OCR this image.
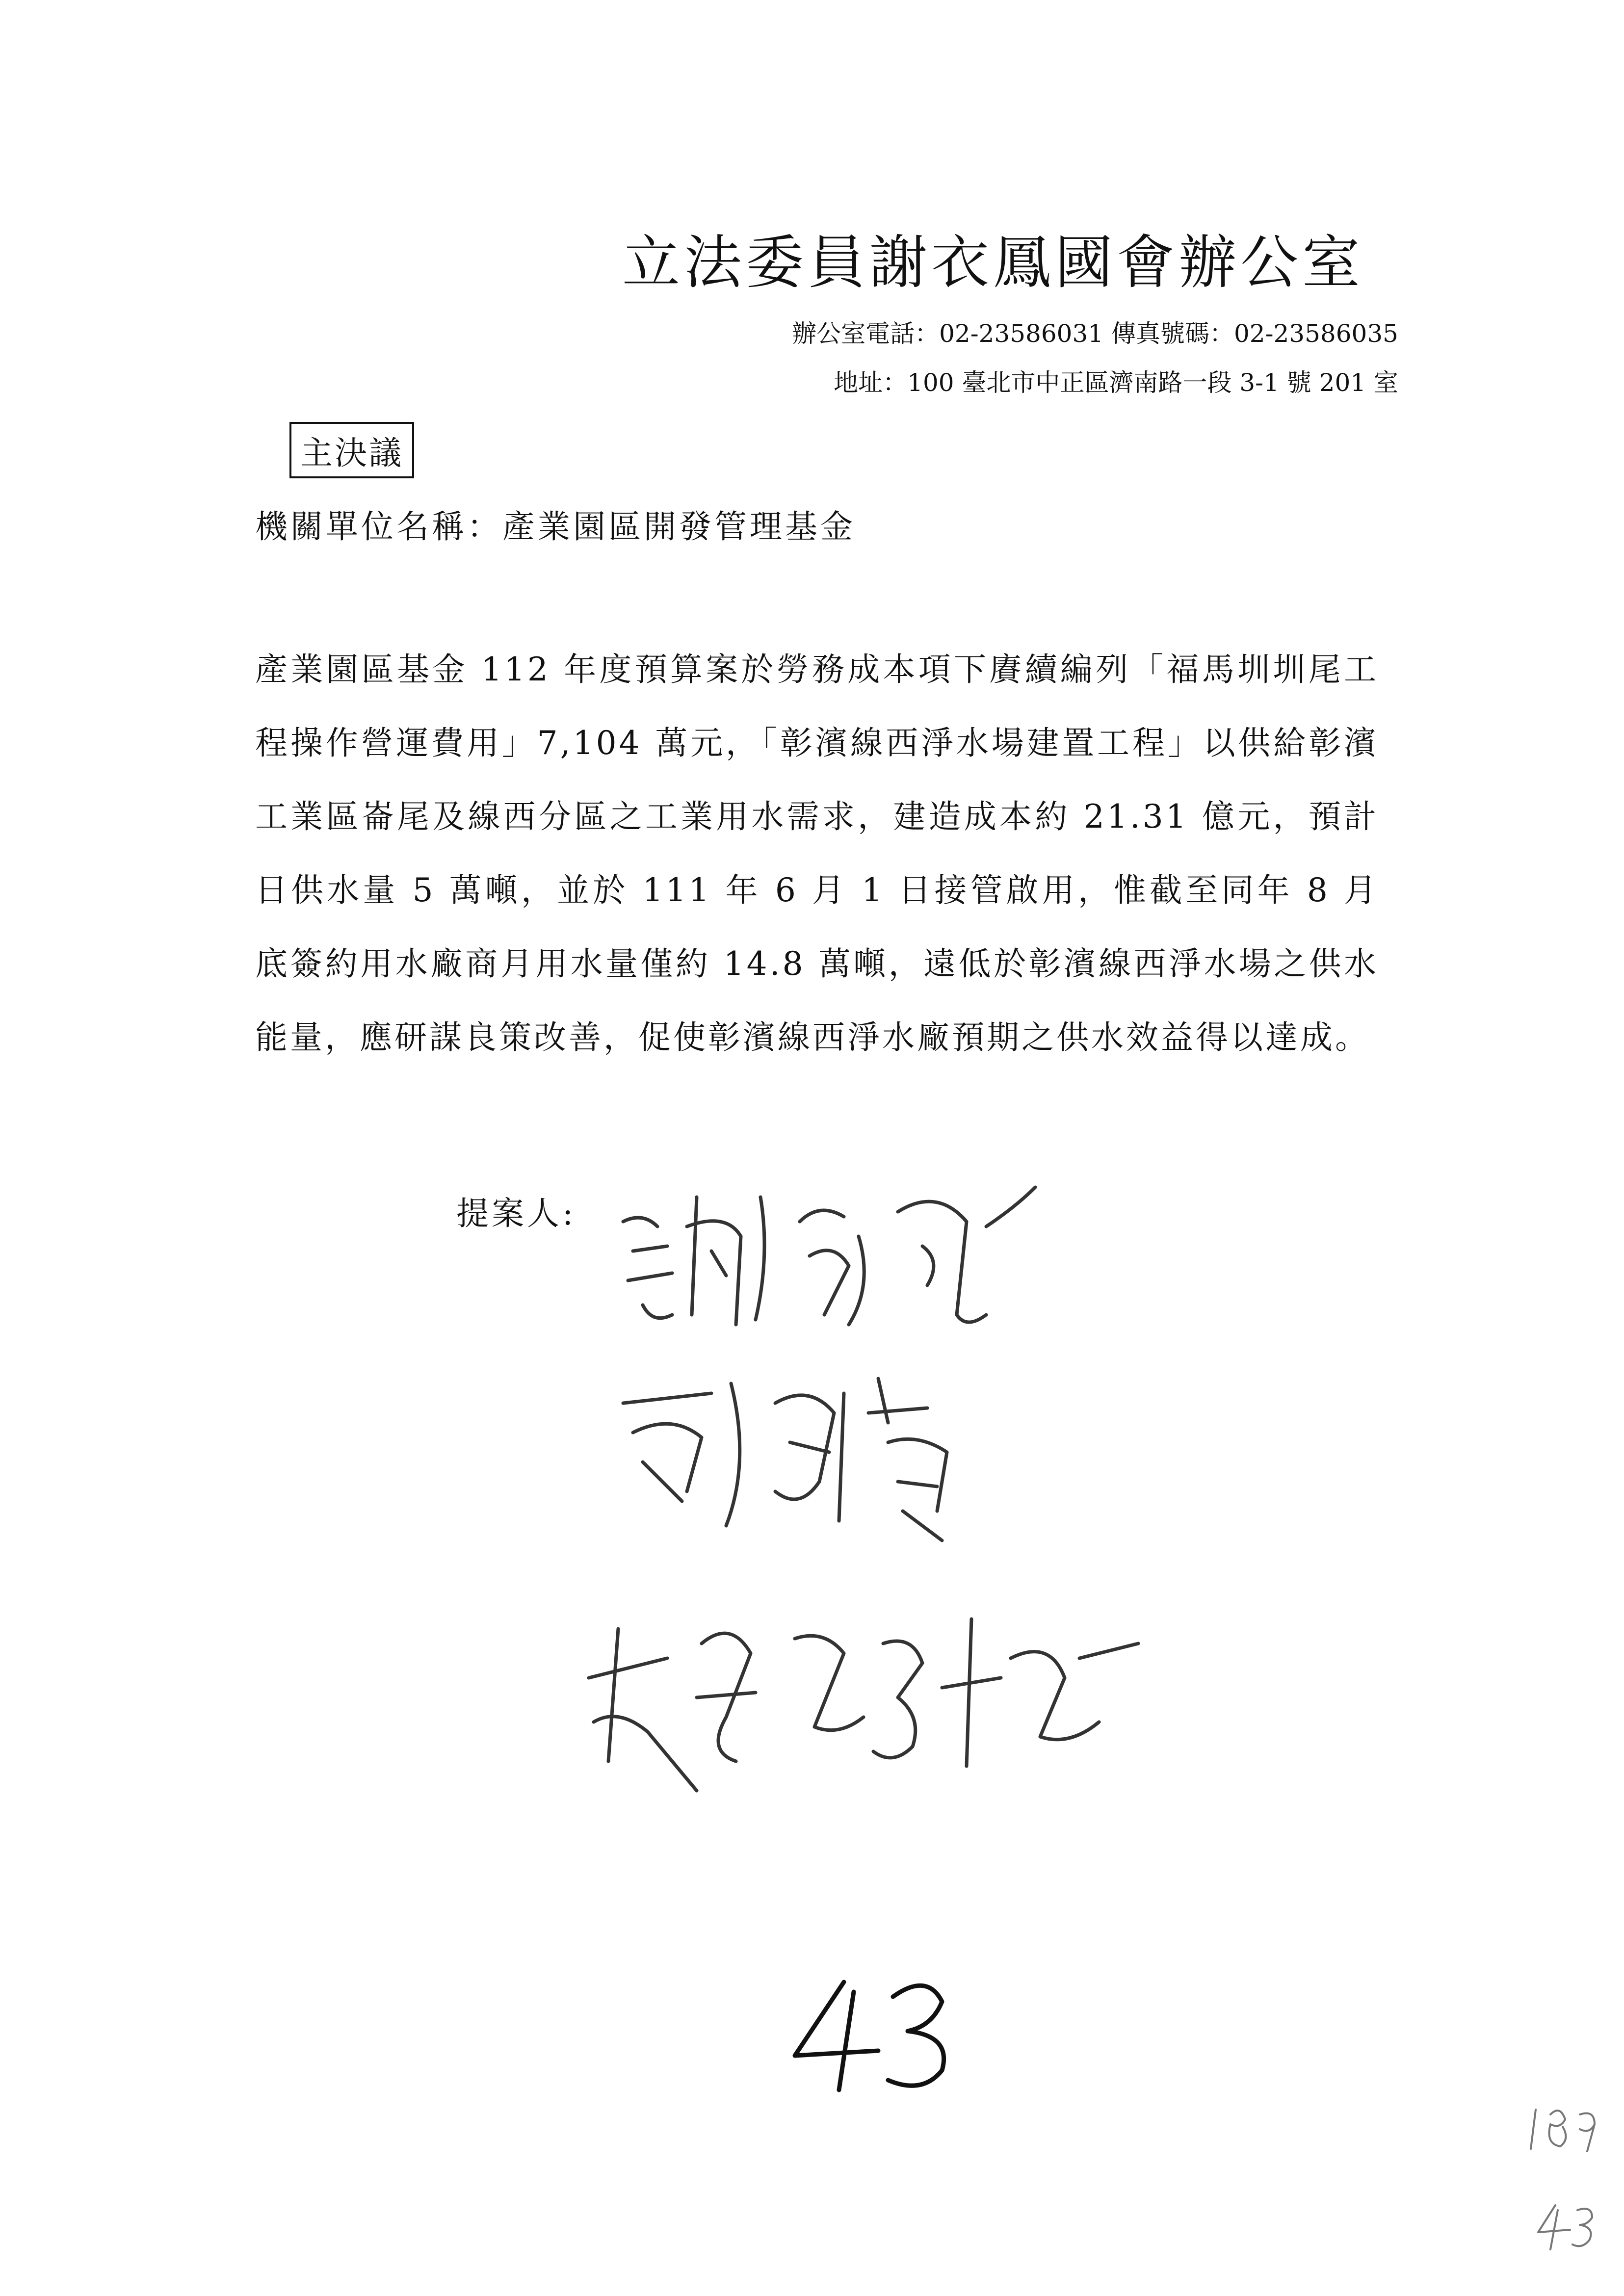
立法委員謝衣鳳國會辦公室
辦公室電話：02-23586031 傳真號碼：02-23586035
地址：100 臺北市中正區濟南路一段 3-1 號 201 室
主決議
機關單位名稱：產業園區開發管理基金
產業園區基金 112 年度預算案於勞務成本項下賡續編列「福馬圳圳尾工程操作營運費用」7,104 萬元，「彰濱線西淨水場建置工程」以供給彰濱工業區崙尾及線西分區之工業用水需求，建造成本約 21.31 億元，預計日供水量 5 萬噸，並於 111 年 6 月 1 日接管啟用，惟截至同年 8 月底簽約用水廠商月用水量僅約 14.8 萬噸，遠低於彰濱線西淨水場之供水能量，應研謀良策改善，促使彰濱線西淨水廠預期之供水效益得以達成。
提案人:
